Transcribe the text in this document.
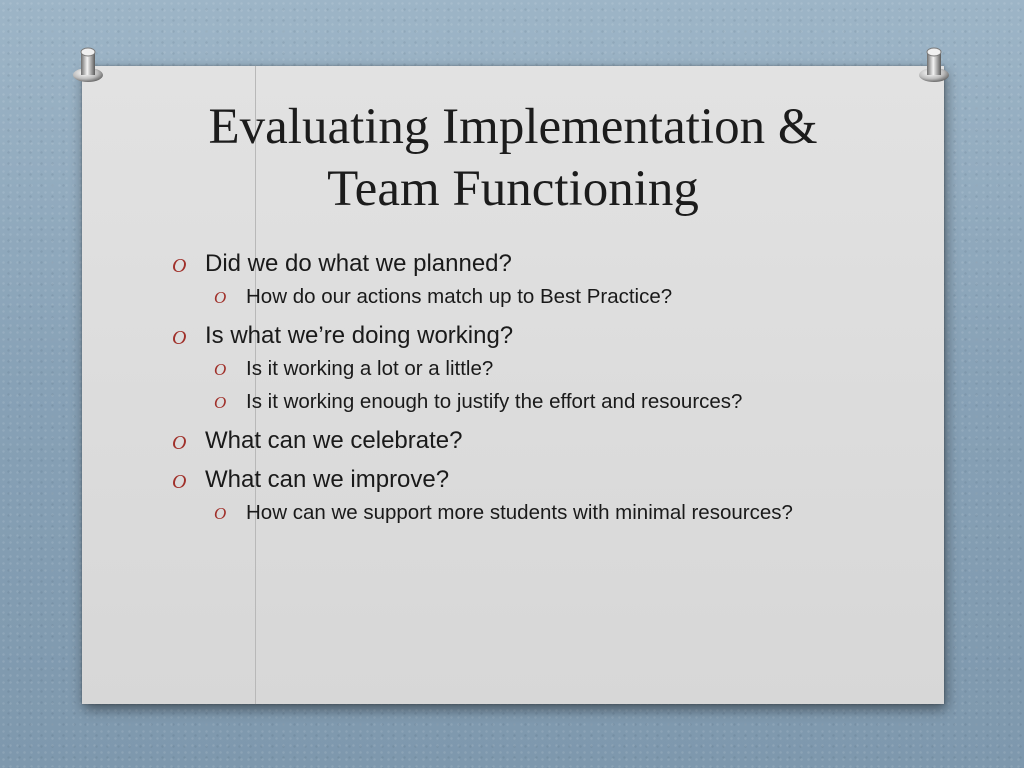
Evaluating Implementation &
Team Functioning
O Did we do what we planned?
O How do our actions match up to Best Practice?
O Is what we’re doing working?
O Is it working a lot or a little?
O Is it working enough to justify the effort and resources?
O What can we celebrate?
O What can we improve?
O How can we support more students with minimal resources?
